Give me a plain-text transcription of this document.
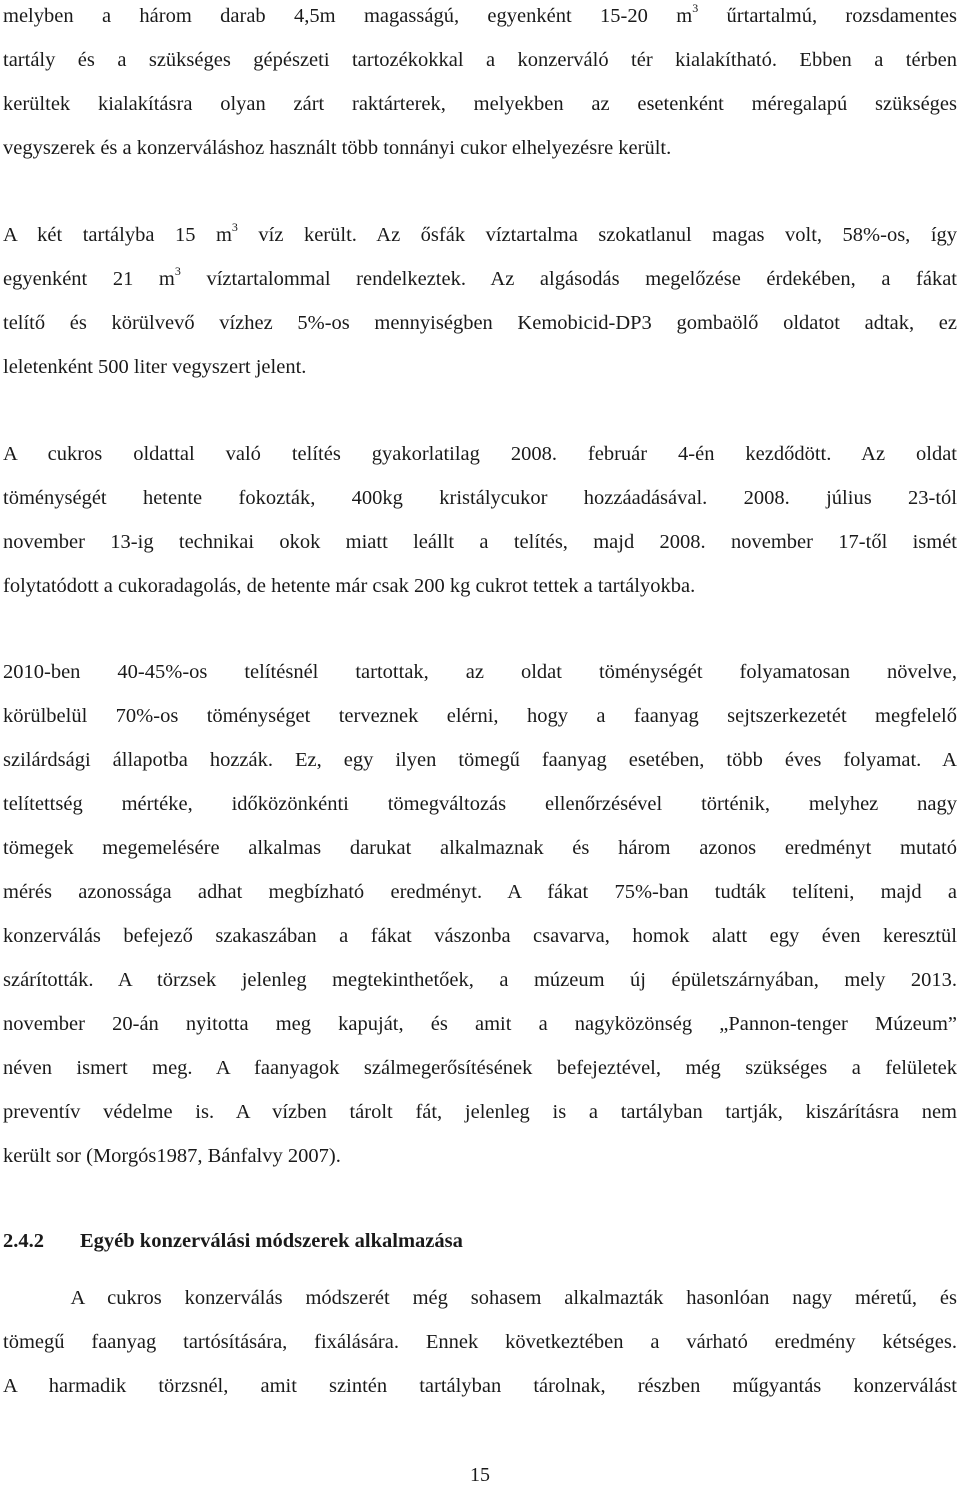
melyben a három darab 4,5m magasságú, egyenként 15-20 $m^3$ űrtartalmú, rozsdamentes
tartály és a szükséges gépészeti tartozékokkal a konzerváló tér kialakítható. Ebben a térben
kerültek kialakításra olyan zárt raktárterek, melyekben az esetenként méregalapú szükséges
vegyszerek és a konzerváláshoz használt több tonnányi cukor elhelyezésre került.
A két tartályba 15 $m^3$ víz került. Az ősfák víztartalma szokatlanul magas volt, 58%-os, így
egyenként 21 $m^3$ víztartalommal rendelkeztek. Az algásodás megelőzése érdekében, a fákat
telítő és körülvevő vízhez 5%-os mennyiségben Kemobicid-DP3 gombaölő oldatot adtak, ez
leletenként 500 liter vegyszert jelent.
A cukros oldattal való telítés gyakorlatilag 2008. február 4-én kezdődött. Az oldat
töménységét hetente fokozták, 400kg kristálycukor hozzáadásával. 2008. július 23-tól
november 13-ig technikai okok miatt leállt a telítés, majd 2008. november 17-től ismét
folytatódott a cukoradagolás, de hetente már csak 200 kg cukrot tettek a tartályokba.
2010-ben 40-45%-os telítésnél tartottak, az oldat töménységét folyamatosan növelve,
körülbelül 70%-os töménységet terveznek elérni, hogy a faanyag sejtszerkezetét megfelelő
szilárdsági állapotba hozzák. Ez, egy ilyen tömegű faanyag esetében, több éves folyamat. A
telítettség mértéke, időközönkénti tömegváltozás ellenőrzésével történik, melyhez nagy
tömegek megemelésére alkalmas darukat alkalmaznak és három azonos eredményt mutató
mérés azonossága adhat megbízható eredményt. A fákat 75%-ban tudták telíteni, majd a
konzerválás befejező szakaszában a fákat vászonba csavarva, homok alatt egy éven keresztül
szárították. A törzsek jelenleg megtekinthetőek, a múzeum új épületszárnyában, mely 2013.
november 20-án nyitotta meg kapuját, és amit a nagyközönség „Pannon-tenger Múzeum”
néven ismert meg. A faanyagok szálmegerősítésének befejeztével, még szükséges a felületek
preventív védelme is. A vízben tárolt fát, jelenleg is a tartályban tartják, kiszárításra nem
került sor (Morgós1987, Bánfalvy 2007).
2.4.2 Egyéb konzerválási módszerek alkalmazása
A cukros konzerválás módszerét még sohasem alkalmazták hasonlóan nagy méretű, és
tömegű faanyag tartósítására, fixálására. Ennek következtében a várható eredmény kétséges.
A harmadik törzsnél, amit szintén tartályban tárolnak, részben műgyantás konzerválást
15
